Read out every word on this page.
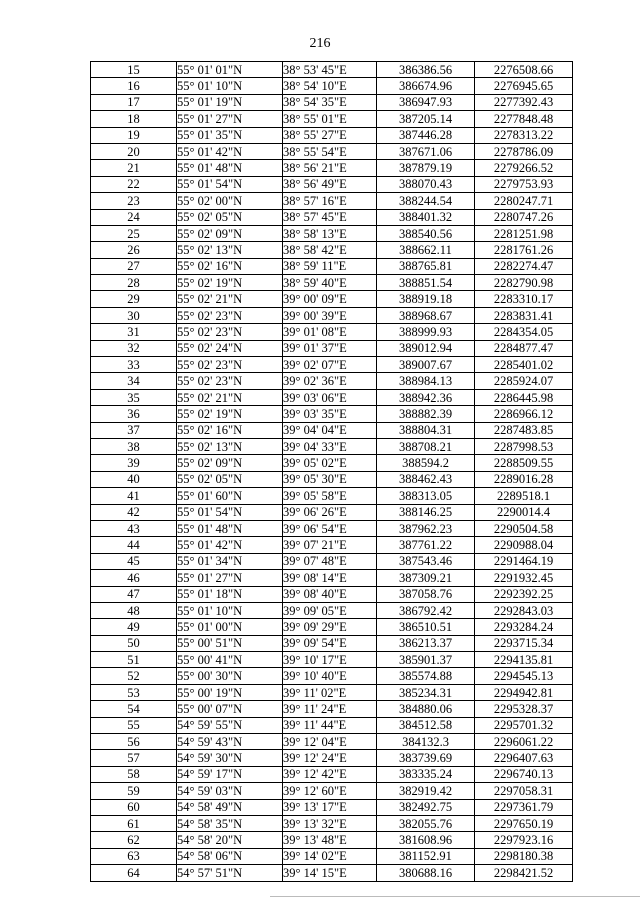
216
15	55° 01' 01"N	38° 53' 45"E	386386.56	2276508.66
16	55° 01' 10"N	38° 54' 10"E	386674.96	2276945.65
17	55° 01' 19"N	38° 54' 35"E	386947.93	2277392.43
18	55° 01' 27"N	38° 55' 01"E	387205.14	2277848.48
19	55° 01' 35"N	38° 55' 27"E	387446.28	2278313.22
20	55° 01' 42"N	38° 55' 54"E	387671.06	2278786.09
21	55° 01' 48"N	38° 56' 21"E	387879.19	2279266.52
22	55° 01' 54"N	38° 56' 49"E	388070.43	2279753.93
23	55° 02' 00"N	38° 57' 16"E	388244.54	2280247.71
24	55° 02' 05"N	38° 57' 45"E	388401.32	2280747.26
25	55° 02' 09"N	38° 58' 13"E	388540.56	2281251.98
26	55° 02' 13"N	38° 58' 42"E	388662.11	2281761.26
27	55° 02' 16"N	38° 59' 11"E	388765.81	2282274.47
28	55° 02' 19"N	38° 59' 40"E	388851.54	2282790.98
29	55° 02' 21"N	39° 00' 09"E	388919.18	2283310.17
30	55° 02' 23"N	39° 00' 39"E	388968.67	2283831.41
31	55° 02' 23"N	39° 01' 08"E	388999.93	2284354.05
32	55° 02' 24"N	39° 01' 37"E	389012.94	2284877.47
33	55° 02' 23"N	39° 02' 07"E	389007.67	2285401.02
34	55° 02' 23"N	39° 02' 36"E	388984.13	2285924.07
35	55° 02' 21"N	39° 03' 06"E	388942.36	2286445.98
36	55° 02' 19"N	39° 03' 35"E	388882.39	2286966.12
37	55° 02' 16"N	39° 04' 04"E	388804.31	2287483.85
38	55° 02' 13"N	39° 04' 33"E	388708.21	2287998.53
39	55° 02' 09"N	39° 05' 02"E	388594.2	2288509.55
40	55° 02' 05"N	39° 05' 30"E	388462.43	2289016.28
41	55° 01' 60"N	39° 05' 58"E	388313.05	2289518.1
42	55° 01' 54"N	39° 06' 26"E	388146.25	2290014.4
43	55° 01' 48"N	39° 06' 54"E	387962.23	2290504.58
44	55° 01' 42"N	39° 07' 21"E	387761.22	2290988.04
45	55° 01' 34"N	39° 07' 48"E	387543.46	2291464.19
46	55° 01' 27"N	39° 08' 14"E	387309.21	2291932.45
47	55° 01' 18"N	39° 08' 40"E	387058.76	2292392.25
48	55° 01' 10"N	39° 09' 05"E	386792.42	2292843.03
49	55° 01' 00"N	39° 09' 29"E	386510.51	2293284.24
50	55° 00' 51"N	39° 09' 54"E	386213.37	2293715.34
51	55° 00' 41"N	39° 10' 17"E	385901.37	2294135.81
52	55° 00' 30"N	39° 10' 40"E	385574.88	2294545.13
53	55° 00' 19"N	39° 11' 02"E	385234.31	2294942.81
54	55° 00' 07"N	39° 11' 24"E	384880.06	2295328.37
55	54° 59' 55"N	39° 11' 44"E	384512.58	2295701.32
56	54° 59' 43"N	39° 12' 04"E	384132.3	2296061.22
57	54° 59' 30"N	39° 12' 24"E	383739.69	2296407.63
58	54° 59' 17"N	39° 12' 42"E	383335.24	2296740.13
59	54° 59' 03"N	39° 12' 60"E	382919.42	2297058.31
60	54° 58' 49"N	39° 13' 17"E	382492.75	2297361.79
61	54° 58' 35"N	39° 13' 32"E	382055.76	2297650.19
62	54° 58' 20"N	39° 13' 48"E	381608.96	2297923.16
63	54° 58' 06"N	39° 14' 02"E	381152.91	2298180.38
64	54° 57' 51"N	39° 14' 15"E	380688.16	2298421.52
